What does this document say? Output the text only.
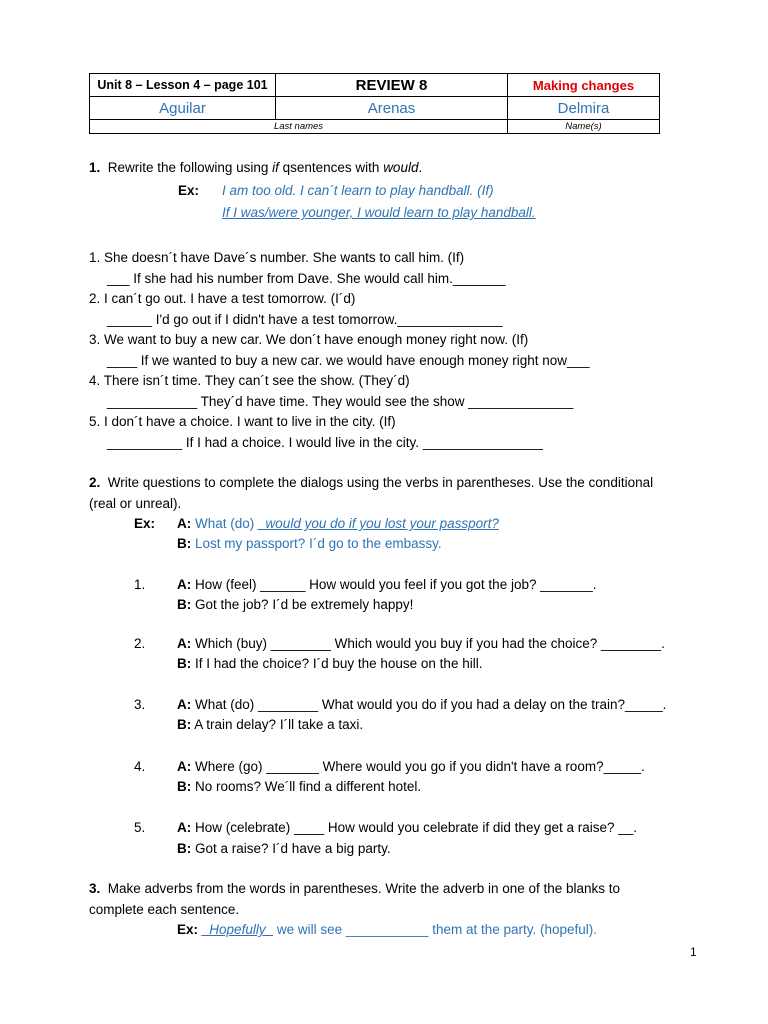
Unit 8 – Lesson 4 – page 101	REVIEW 8	Making changes
Aguilar	Arenas	Delmira
Last names		Name(s)
1. Rewrite the following using if qsentences with would.
Ex: I am too old. I can´t learn to play handball. (If)
If I was/were younger, I would learn to play handball.
1. She doesn´t have Dave´s number. She wants to call him. (If)
___ If she had his number from Dave. She would call him._______
2. I can´t go out. I have a test tomorrow. (I´d)
______ I'd go out if I didn't have a test tomorrow.______________
3. We want to buy a new car. We don´t have enough money right now. (If)
____ If we wanted to buy a new car. we would have enough money right now___
4. There isn´t time. They can´t see the show. (They´d)
____________ They´d have time. They would see the show ______________
5. I don´t have a choice. I want to live in the city. (If)
__________ If I had a choice. I would live in the city. ________________
2. Write questions to complete the dialogs using the verbs in parentheses. Use the conditional
(real or unreal).
Ex: A: What (do) _would you do if you lost your passport?
B: Lost my passport? I´d go to the embassy.
1. A: How (feel) ______ How would you feel if you got the job? _______.
B: Got the job? I´d be extremely happy!
2. A: Which (buy) ________ Which would you buy if you had the choice? ________.
B: If I had the choice? I´d buy the house on the hill.
3. A: What (do) ________ What would you do if you had a delay on the train?_____.
B: A train delay? I´ll take a taxi.
4. A: Where (go) _______ Where would you go if you didn't have a room?_____.
B: No rooms? We´ll find a different hotel.
5. A: How (celebrate) ____ How would you celebrate if did they get a raise? __.
B: Got a raise? I´d have a big party.
3. Make adverbs from the words in parentheses. Write the adverb in one of the blanks to
complete each sentence.
Ex: _Hopefully_ we will see ___________ them at the party. (hopeful).
1
